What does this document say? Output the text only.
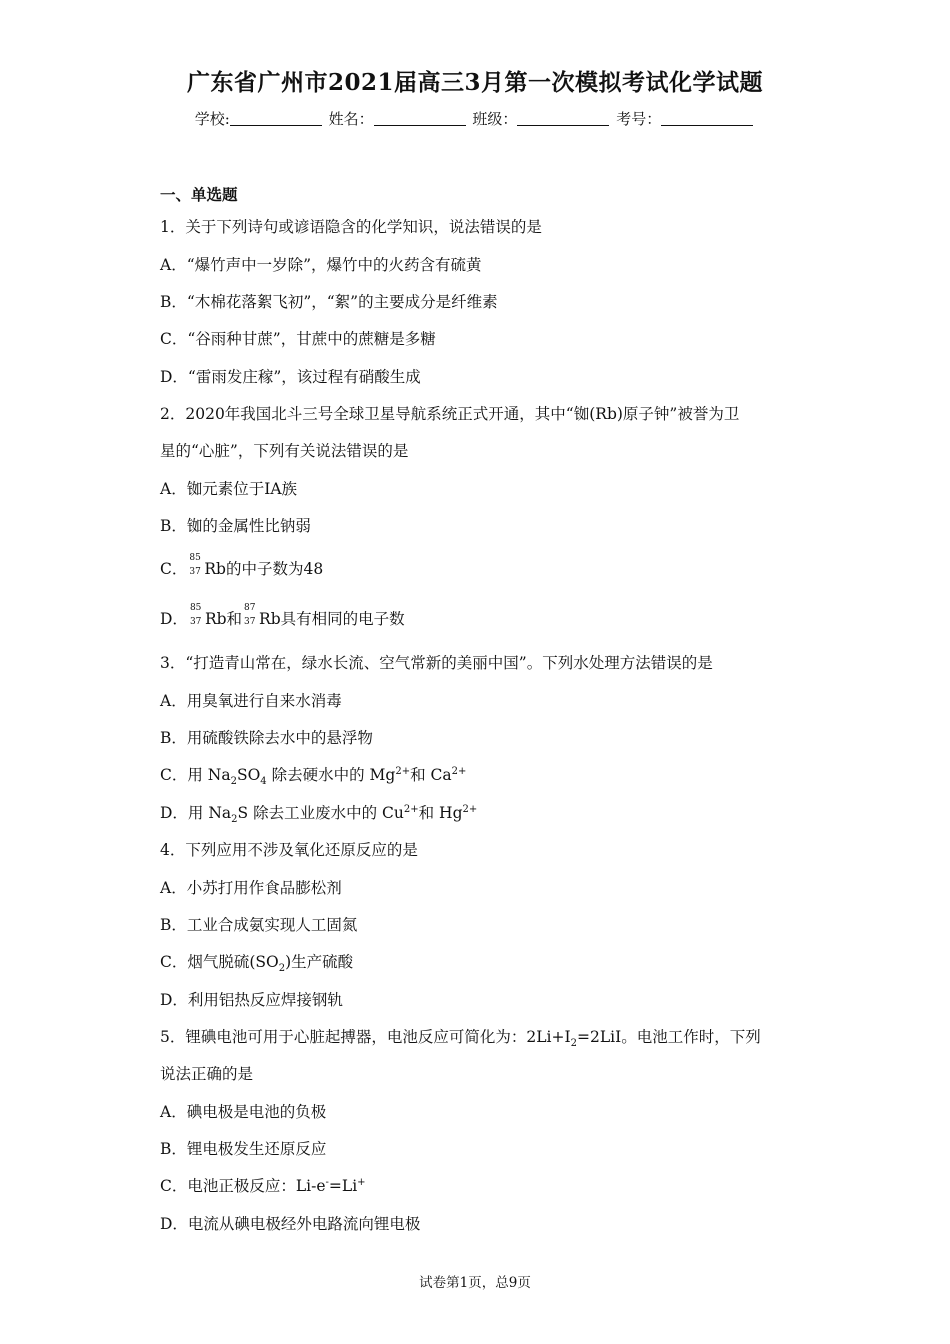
广东省广州市2021届高三3月第一次模拟考试化学试题
学校:	姓名：	班级：	考号：
一、单选题
1．关于下列诗句或谚语隐含的化学知识，说法错误的是
A．“爆竹声中一岁除”，爆竹中的火药含有硫黄
B．“木棉花落絮飞初”，“絮”的主要成分是纤维素
C．“谷雨种甘蔗”，甘蔗中的蔗糖是多糖
D．“雷雨发庄稼”，该过程有硝酸生成
2．2020年我国北斗三号全球卫星导航系统正式开通，其中“铷(Rb)原子钟”被誉为卫
星的“心脏”，下列有关说法错误的是
A．铷元素位于IA族
B．铷的金属性比钠弱
C．
85
37 Rb的中子数为48
D．
85
37 Rb和
87
37 Rb具有相同的电子数
3．“打造青山常在，绿水长流、空气常新的美丽中国”。下列水处理方法错误的是
A．用臭氧进行自来水消毒
B．用硫酸铁除去水中的悬浮物
C．用 $Na_2SO_4$ 除去硬水中的 $Mg^{2+}$和 $Ca^{2+}$
D．用 $Na_2S$ 除去工业废水中的 $Cu^{2+}$和 $Hg^{2+}$
4．下列应用不涉及氧化还原反应的是
A．小苏打用作食品膨松剂
B．工业合成氨实现人工固氮
C．烟气脱硫$(SO_2)$生产硫酸
D．利用铝热反应焊接钢轨
5．锂碘电池可用于心脏起搏器，电池反应可简化为：$2Li+I_2=2LiI$。电池工作时，下列
说法正确的是
A．碘电极是电池的负极
B．锂电极发生还原反应
C．电池正极反应：Li-e-=Li+
D．电流从碘电极经外电路流向锂电极
试卷第1页，总9页
